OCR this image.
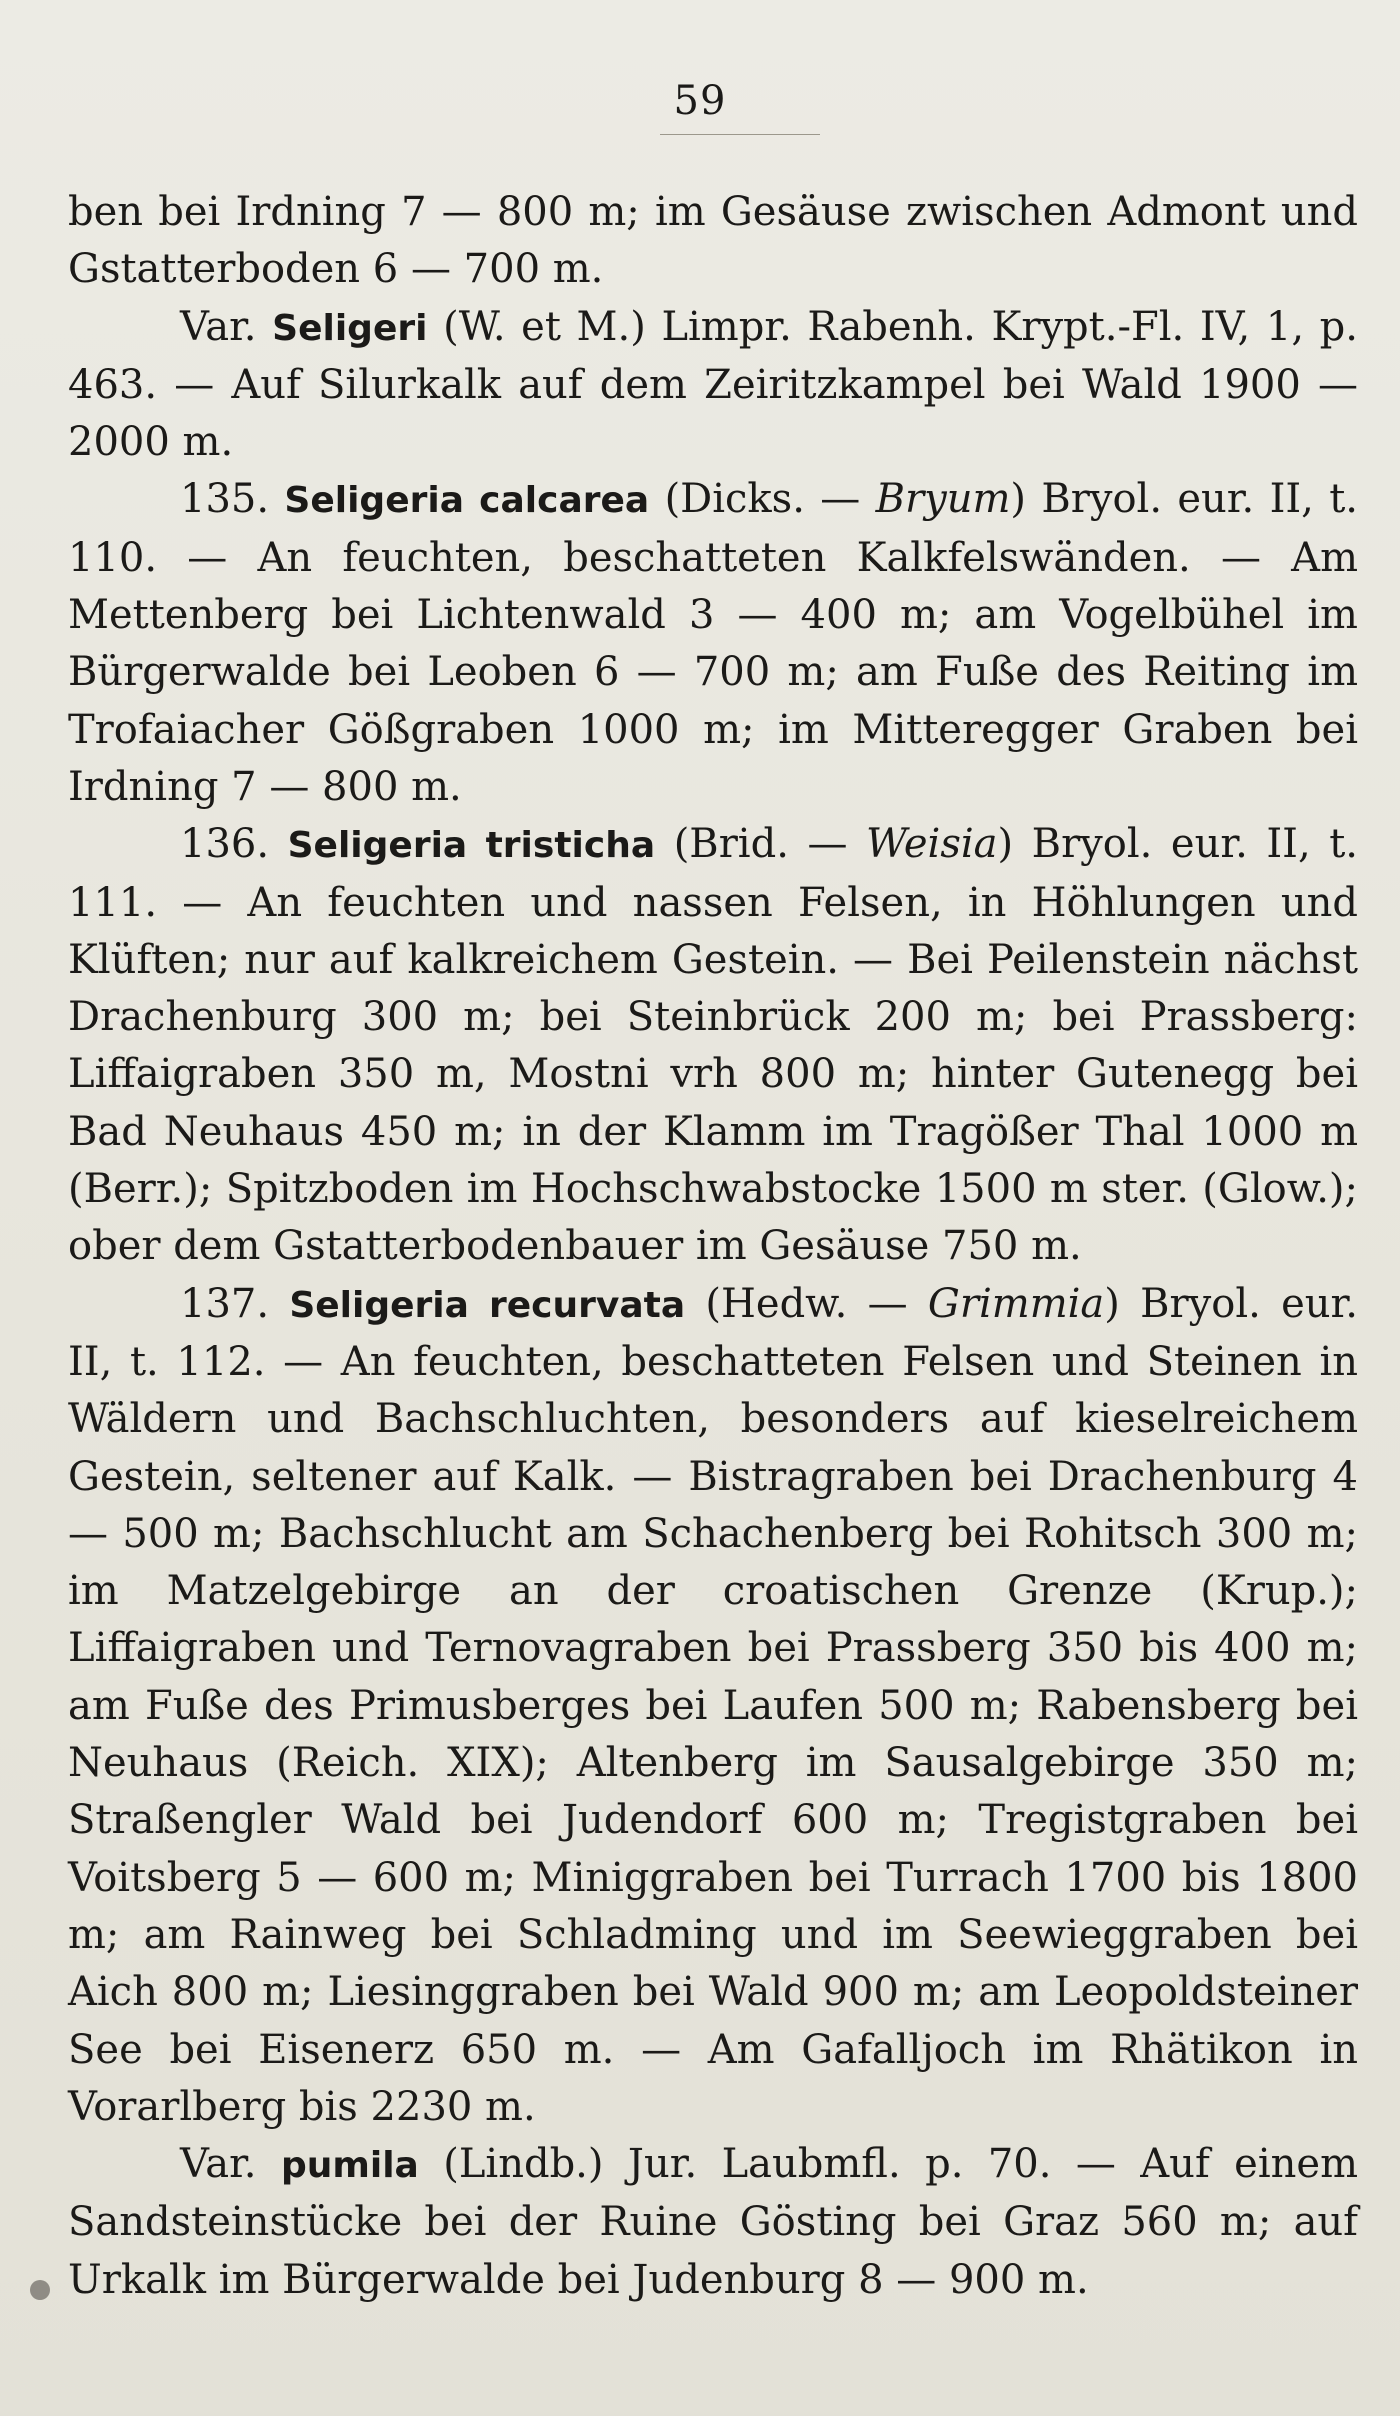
59

ben bei Irdning 7 — 800 m; im Gesäuse zwischen Admont und Gstatterboden 6 — 700 m.

Var. Seligeri (W. et M.) Limpr. Rabenh. Krypt.-Fl. IV, 1, p. 463. — Auf Silurkalk auf dem Zeiritzkampel bei Wald 1900 — 2000 m.

135. Seligeria calcarea (Dicks. — Bryum) Bryol. eur. II, t. 110. — An feuchten, beschatteten Kalkfelswänden. — Am Mettenberg bei Lichtenwald 3 — 400 m; am Vogelbühel im Bürgerwalde bei Leoben 6 — 700 m; am Fuße des Reiting im Trofaiacher Gößgraben 1000 m; im Mitteregger Graben bei Irdning 7 — 800 m.

136. Seligeria tristicha (Brid. — Weisia) Bryol. eur. II, t. 111. — An feuchten und nassen Felsen, in Höhlungen und Klüften; nur auf kalkreichem Gestein. — Bei Peilenstein nächst Drachenburg 300 m; bei Steinbrück 200 m; bei Prassberg: Liffaigraben 350 m, Mostni vrh 800 m; hinter Gutenegg bei Bad Neuhaus 450 m; in der Klamm im Tragößer Thal 1000 m (Berr.); Spitzboden im Hochschwabstocke 1500 m ster. (Glow.); ober dem Gstatterbodenbauer im Gesäuse 750 m.

137. Seligeria recurvata (Hedw. — Grimmia) Bryol. eur. II, t. 112. — An feuchten, beschatteten Felsen und Steinen in Wäldern und Bachschluchten, besonders auf kieselreichem Gestein, seltener auf Kalk. — Bistragraben bei Drachenburg 4 — 500 m; Bachschlucht am Schachenberg bei Rohitsch 300 m; im Matzelgebirge an der croatischen Grenze (Krup.); Liffaigraben und Ternovagraben bei Prassberg 350 bis 400 m; am Fuße des Primusberges bei Laufen 500 m; Rabensberg bei Neuhaus (Reich. XIX); Altenberg im Sausalgebirge 350 m; Straßengler Wald bei Judendorf 600 m; Tregistgraben bei Voitsberg 5 — 600 m; Miniggraben bei Turrach 1700 bis 1800 m; am Rainweg bei Schladming und im Seewieggraben bei Aich 800 m; Liesinggraben bei Wald 900 m; am Leopoldsteiner See bei Eisenerz 650 m. — Am Gafalljoch im Rhätikon in Vorarlberg bis 2230 m.

Var. pumila (Lindb.) Jur. Laubmfl. p. 70. — Auf einem Sandsteinstücke bei der Ruine Gösting bei Graz 560 m; auf Urkalk im Bürgerwalde bei Judenburg 8 — 900 m.
